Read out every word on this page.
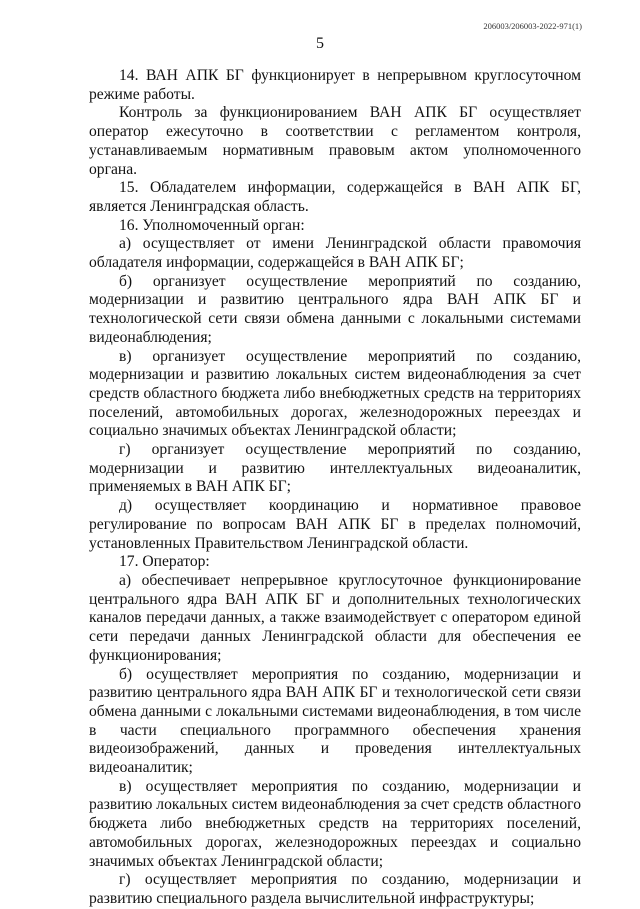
206003/206003-2022-971(1)
5

14. ВАН АПК БГ функционирует в непрерывном круглосуточном режиме работы.

Контроль за функционированием ВАН АПК БГ осуществляет оператор ежесуточно в соответствии с регламентом контроля, устанавливаемым нормативным правовым актом уполномоченного органа.

15. Обладателем информации, содержащейся в ВАН АПК БГ, является Ленинградская область.

16. Уполномоченный орган:

а) осуществляет от имени Ленинградской области правомочия обладателя информации, содержащейся в ВАН АПК БГ;

б) организует осуществление мероприятий по созданию, модернизации и развитию центрального ядра ВАН АПК БГ и технологической сети связи обмена данными с локальными системами видеонаблюдения;

в) организует осуществление мероприятий по созданию, модернизации и развитию локальных систем видеонаблюдения за счет средств областного бюджета либо внебюджетных средств на территориях поселений, автомобильных дорогах, железнодорожных переездах и социально значимых объектах Ленинградской области;

г) организует осуществление мероприятий по созданию, модернизации и развитию интеллектуальных видеоаналитик, применяемых в ВАН АПК БГ;

д) осуществляет координацию и нормативное правовое регулирование по вопросам ВАН АПК БГ в пределах полномочий, установленных Правительством Ленинградской области.

17. Оператор:

а) обеспечивает непрерывное круглосуточное функционирование центрального ядра ВАН АПК БГ и дополнительных технологических каналов передачи данных, а также взаимодействует с оператором единой сети передачи данных Ленинградской области для обеспечения ее функционирования;

б) осуществляет мероприятия по созданию, модернизации и развитию центрального ядра ВАН АПК БГ и технологической сети связи обмена данными с локальными системами видеонаблюдения, в том числе в части специального программного обеспечения хранения видеоизображений, данных и проведения интеллектуальных видеоаналитик;

в) осуществляет мероприятия по созданию, модернизации и развитию локальных систем видеонаблюдения за счет средств областного бюджета либо внебюджетных средств на территориях поселений, автомобильных дорогах, железнодорожных переездах и социально значимых объектах Ленинградской области;

г) осуществляет мероприятия по созданию, модернизации и развитию специального раздела вычислительной инфраструктуры;
